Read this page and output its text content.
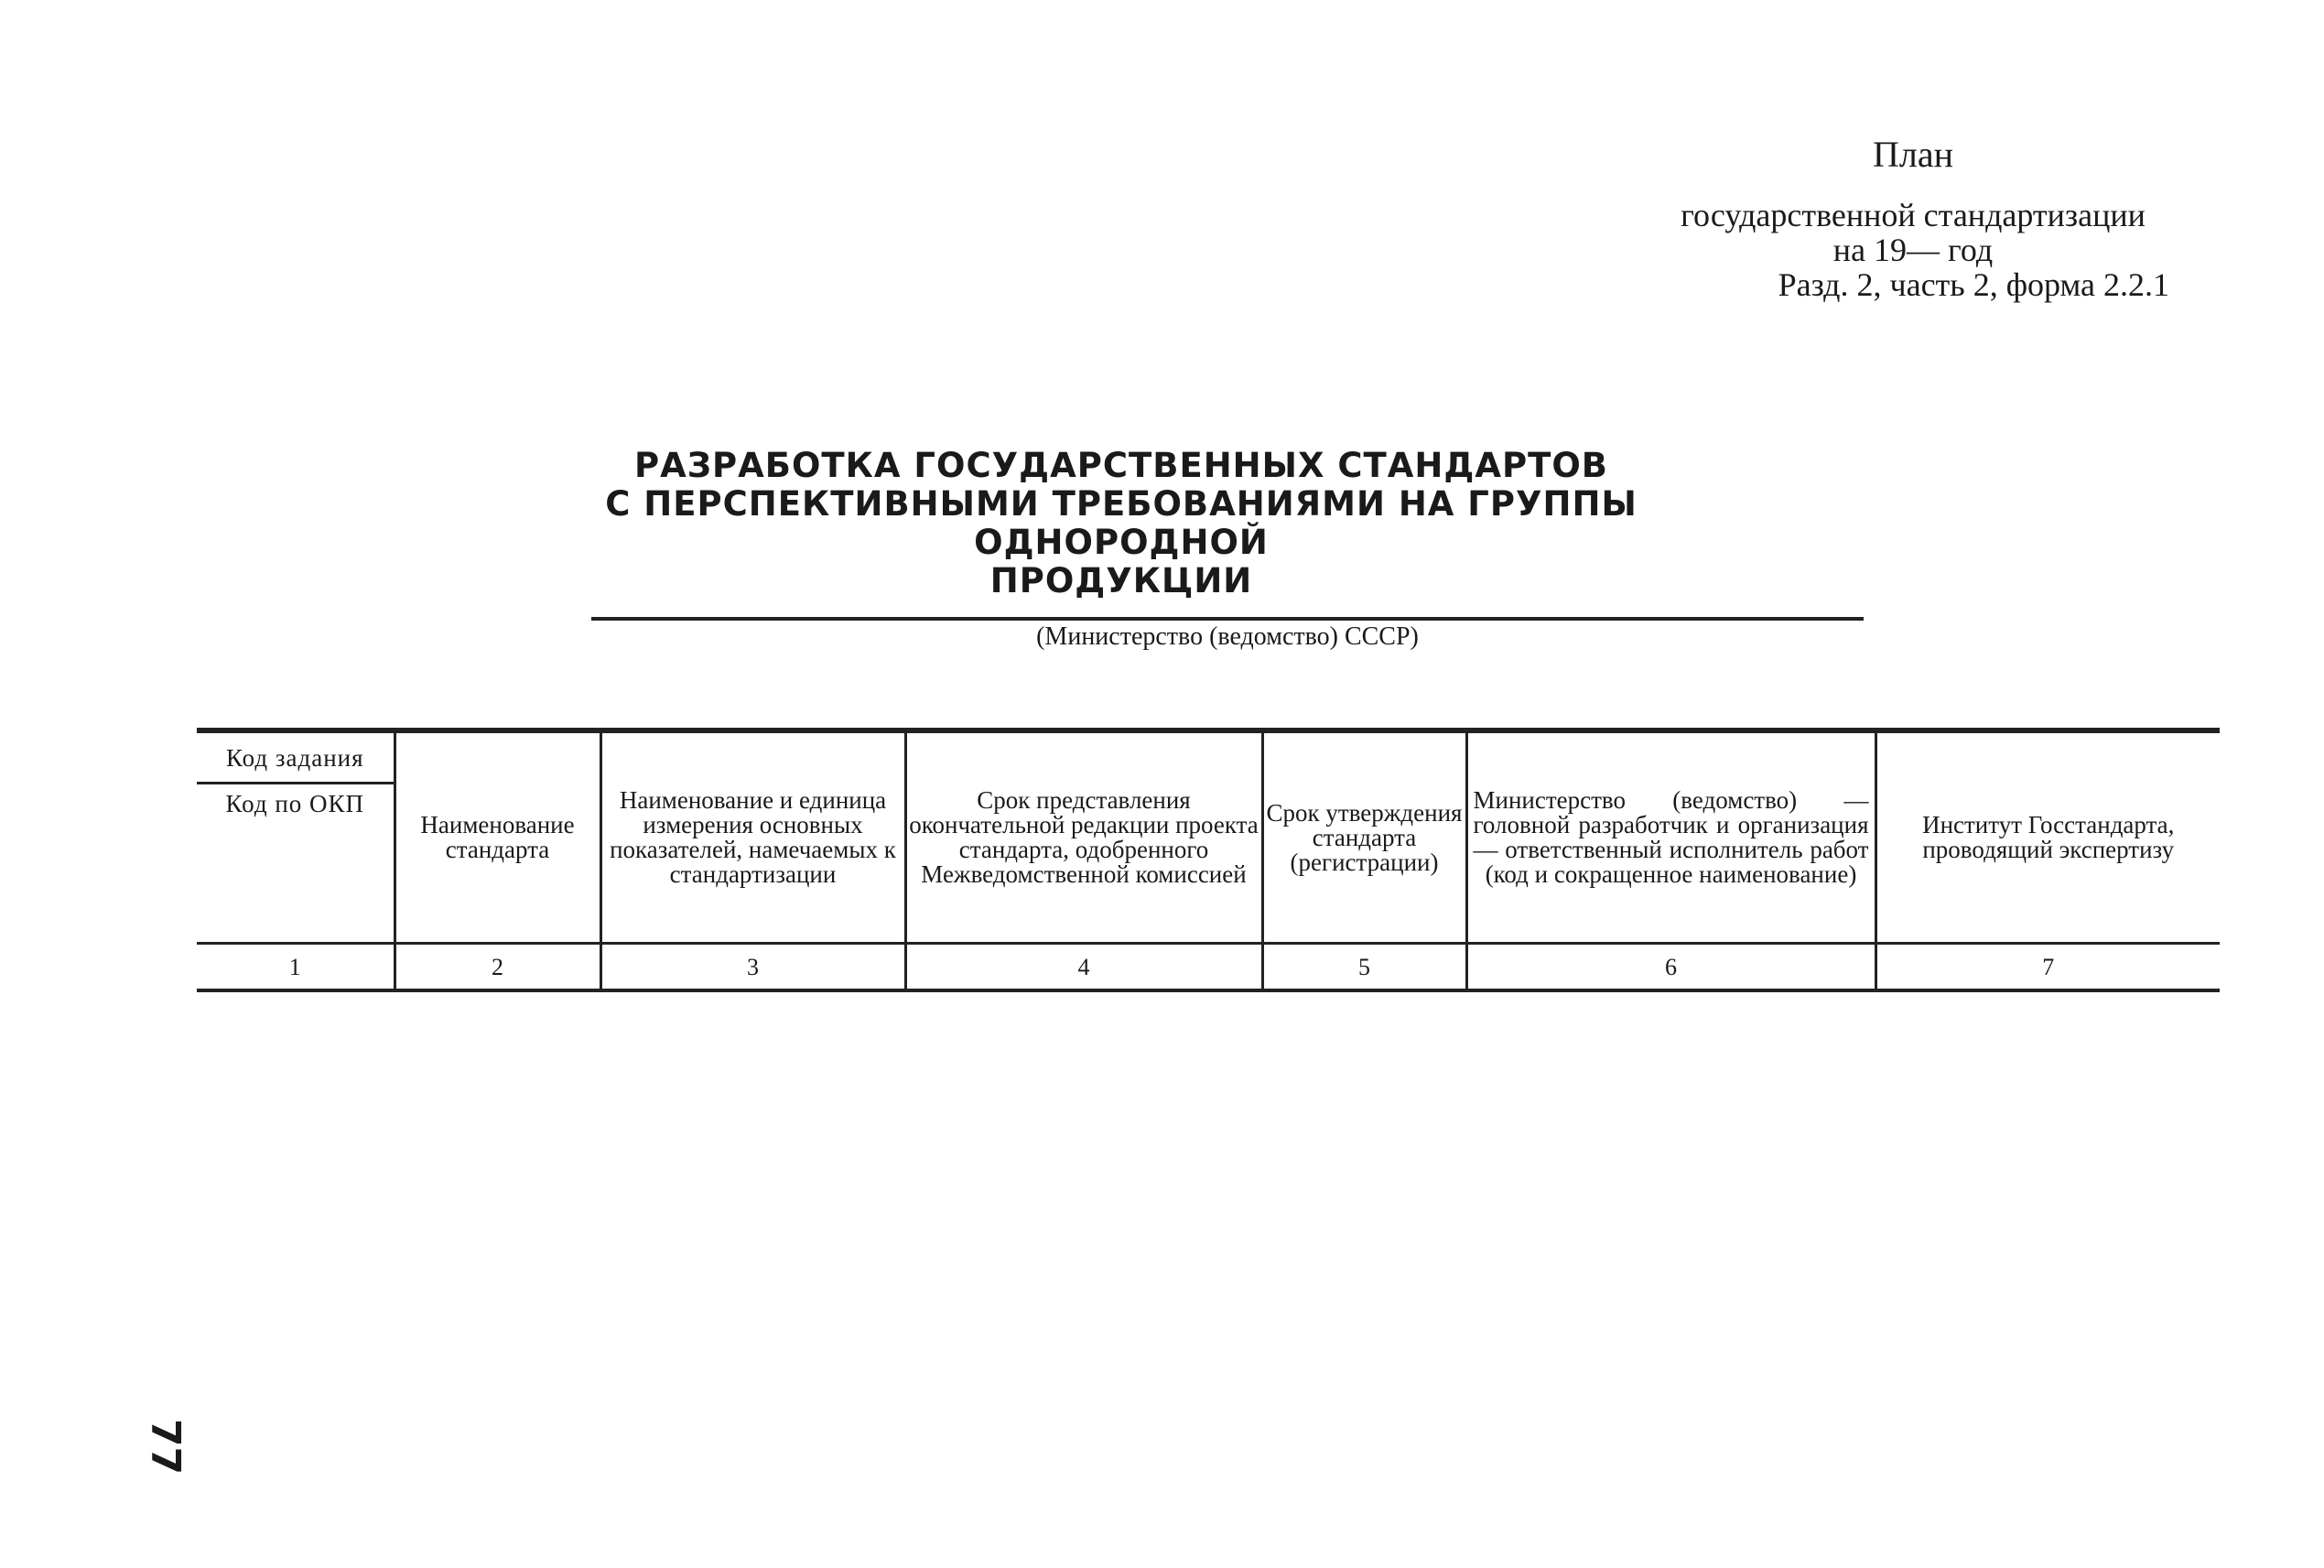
План
государственной стандартизации
на 19— год
Разд. 2, часть 2, форма 2.2.1
РАЗРАБОТКА ГОСУДАРСТВЕННЫХ СТАНДАРТОВ
С ПЕРСПЕКТИВНЫМИ ТРЕБОВАНИЯМИ НА ГРУППЫ ОДНОРОДНОЙ
ПРОДУКЦИИ
(Министерство (ведомство) СССР)
Код задания
Код по ОКП	Наименование стандарта	Наименование и единица измерения основных показателей, намечаемых к стандартизации	Срок представления окончательной редакции проекта стандарта, одобренного Межведомственной комиссией	Срок утверждения стандарта (регистрации)	Министерство (ведомство) — головной разработчик и организация — ответственный исполнитель работ (код и сокращенное наименование)	Институт Госстандарта, проводящий экспертизу
1	2	3	4	5	6	7
77
